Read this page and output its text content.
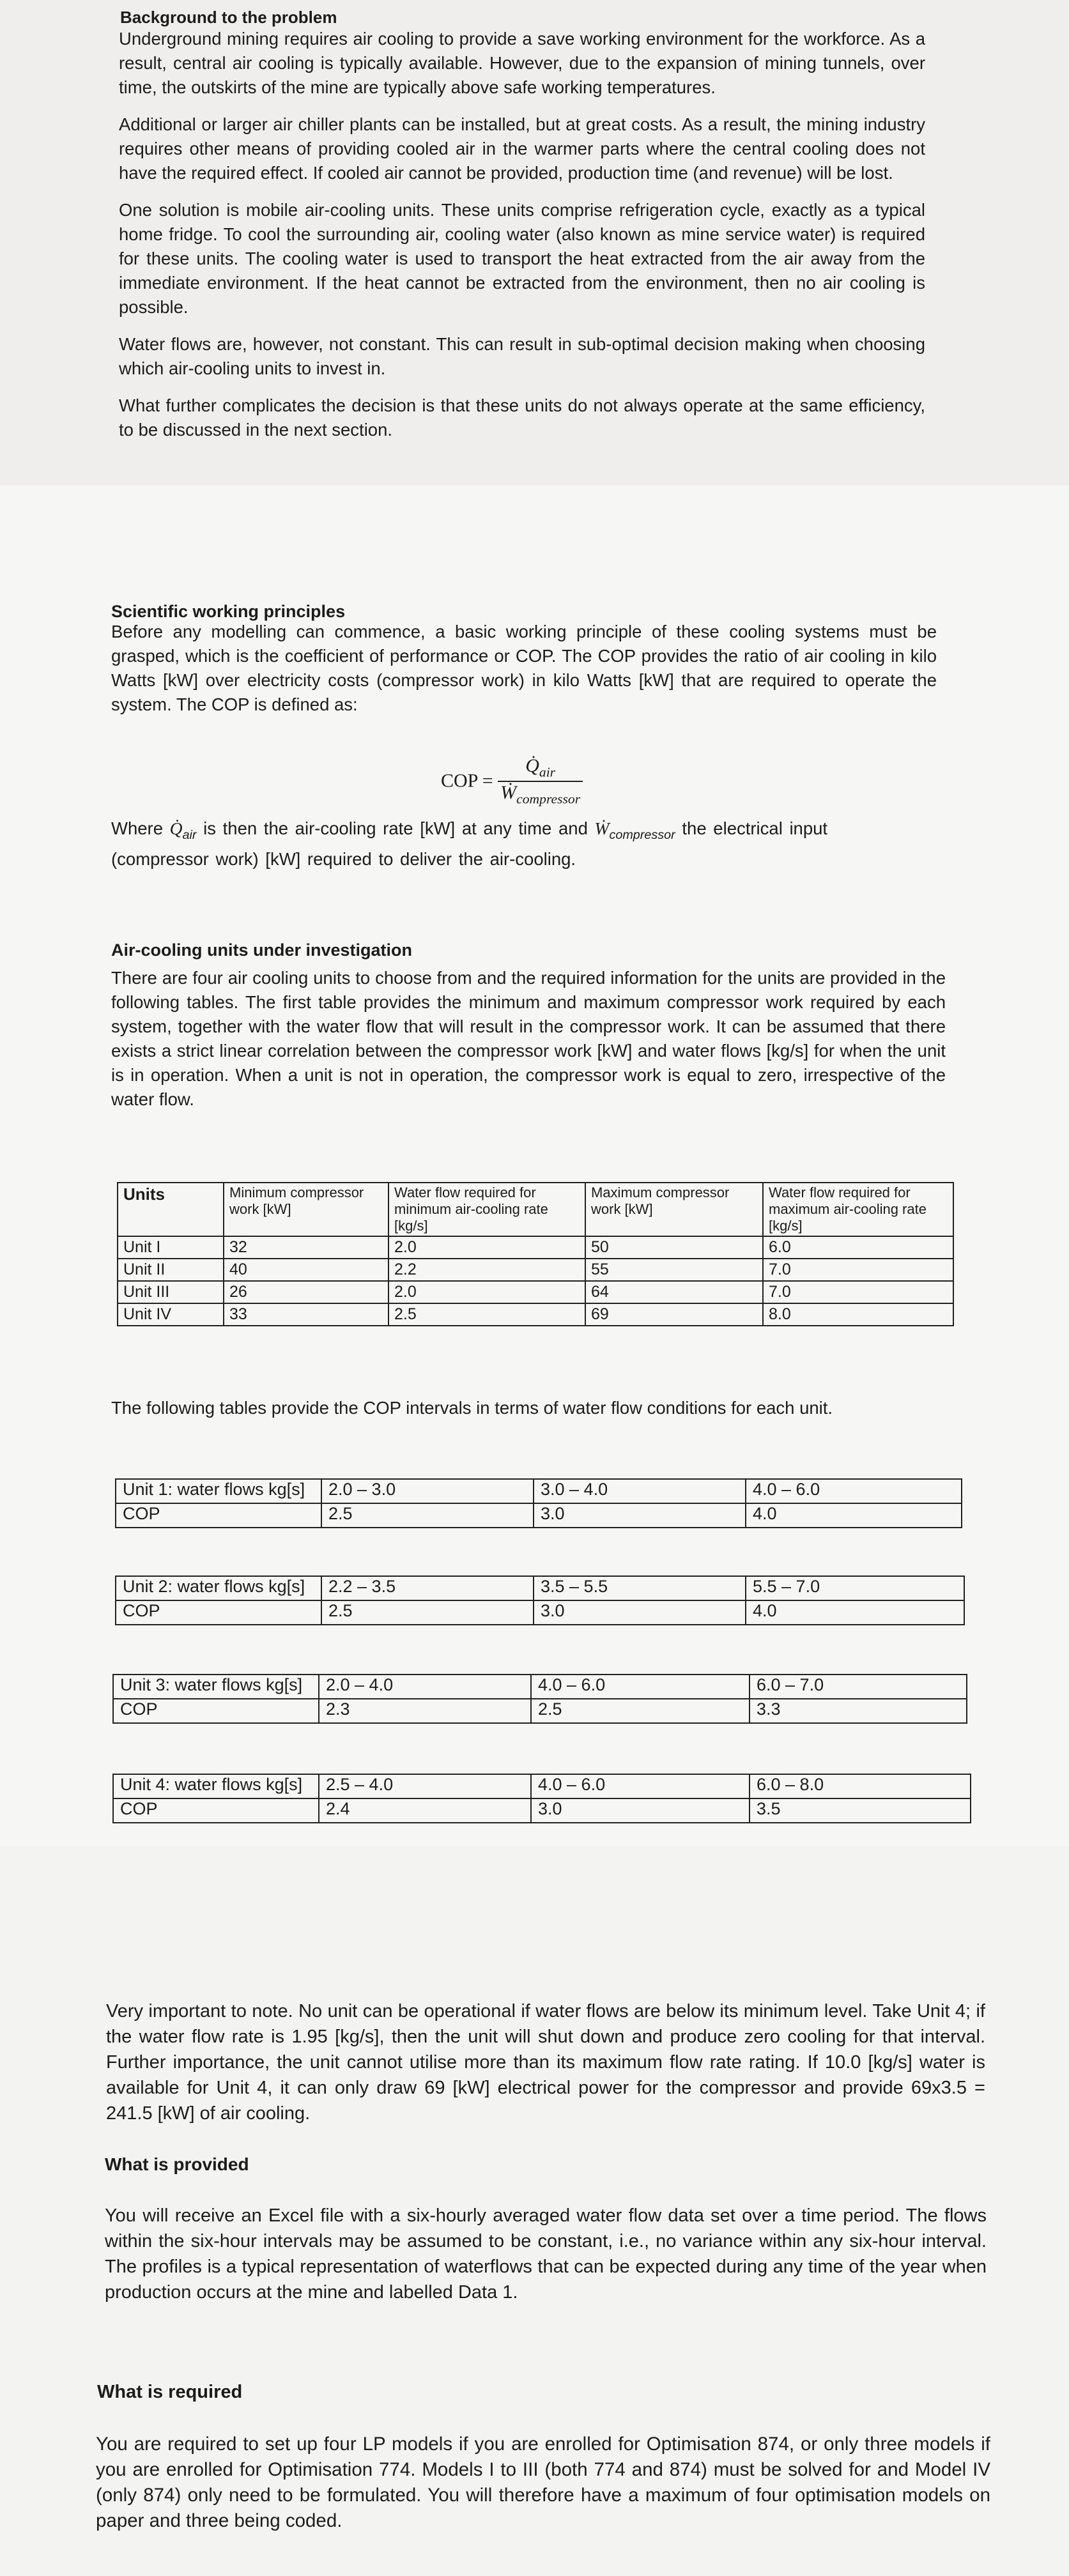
Background to the problem

Underground mining requires air cooling to provide a save working environment for the workforce. As a result, central air cooling is typically available. However, due to the expansion of mining tunnels, over time, the outskirts of the mine are typically above safe working temperatures.

Additional or larger air chiller plants can be installed, but at great costs. As a result, the mining industry requires other means of providing cooled air in the warmer parts where the central cooling does not have the required effect. If cooled air cannot be provided, production time (and revenue) will be lost.

One solution is mobile air-cooling units. These units comprise refrigeration cycle, exactly as a typical home fridge. To cool the surrounding air, cooling water (also known as mine service water) is required for these units. The cooling water is used to transport the heat extracted from the air away from the immediate environment. If the heat cannot be extracted from the environment, then no air cooling is possible.

Water flows are, however, not constant. This can result in sub-optimal decision making when choosing which air-cooling units to invest in.

What further complicates the decision is that these units do not always operate at the same efficiency, to be discussed in the next section.

Scientific working principles
Before any modelling can commence, a basic working principle of these cooling systems must be grasped, which is the coefficient of performance or COP. The COP provides the ratio of air cooling in kilo Watts [kW] over electricity costs (compressor work) in kilo Watts [kW] that are required to operate the system. The COP is defined as:
COP = $\frac{Q̇_{air}}{Ẇ_{compressor}}$

Where $Q̇_{air}$ is then the air-cooling rate [kW] at any time and Ẇ$_{compressor}$ the electrical input

(compressor work) [kW] required to deliver the air-cooling.

Air-cooling units under investigation
There are four air cooling units to choose from and the required information for the units are provided in the following tables. The first table provides the minimum and maximum compressor work required by each system, together with the water flow that will result in the compressor work. It can be assumed that there exists a strict linear correlation between the compressor work [kW] and water flows [kg/s] for when the unit is in operation. When a unit is not in operation, the compressor work is equal to zero, irrespective of the water flow.
Units	Minimum compressor work [kW]	Water flow required for minimum air-cooling rate [kg/s]	Maximum compressor work [kW]	Water flow required for maximum air-cooling rate [kg/s]
Unit I	32	2.0	50	6.0
Unit II	40	2.2	55	7.0
Unit III	26	2.0	64	7.0
Unit IV	33	2.5	69	8.0
The following tables provide the COP intervals in terms of water flow conditions for each unit.
Unit 1: water flows kg[s]	2.0 – 3.0	3.0 – 4.0	4.0 – 6.0
COP	2.5	3.0	4.0
Unit 2: water flows kg[s]	2.2 – 3.5	3.5 – 5.5	5.5 – 7.0
COP	2.5	3.0	4.0
Unit 3: water flows kg[s]	2.0 – 4.0	4.0 – 6.0	6.0 – 7.0
COP	2.3	2.5	3.3
Unit 4: water flows kg[s]	2.5 – 4.0	4.0 – 6.0	6.0 – 8.0
COP	2.4	3.0	3.5
Very important to note. No unit can be operational if water flows are below its minimum level. Take Unit 4; if the water flow rate is 1.95 [kg/s], then the unit will shut down and produce zero cooling for that interval. Further importance, the unit cannot utilise more than its maximum flow rate rating. If 10.0 [kg/s] water is available for Unit 4, it can only draw 69 [kW] electrical power for the compressor and provide 69x3.5 = 241.5 [kW] of air cooling.
What is provided
You will receive an Excel file with a six-hourly averaged water flow data set over a time period. The flows within the six-hour intervals may be assumed to be constant, i.e., no variance within any six-hour interval. The profiles is a typical representation of waterflows that can be expected during any time of the year when production occurs at the mine and labelled Data 1.
What is required
You are required to set up four LP models if you are enrolled for Optimisation 874, or only three models if you are enrolled for Optimisation 774. Models I to III (both 774 and 874) must be solved for and Model IV (only 874) only need to be formulated. You will therefore have a maximum of four optimisation models on paper and three being coded.
